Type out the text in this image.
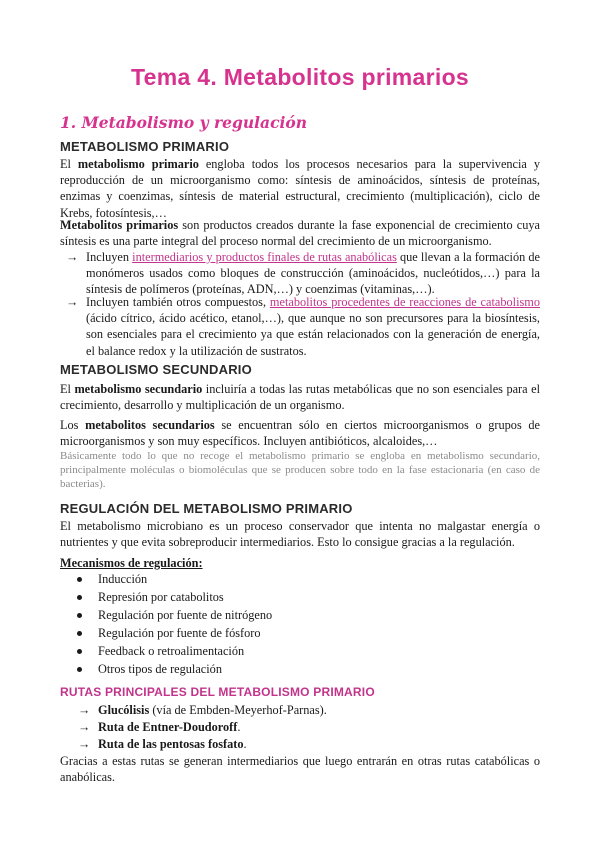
Tema 4. Metabolitos primarios
1. Metabolismo y regulación
METABOLISMO PRIMARIO

El metabolismo primario engloba todos los procesos necesarios para la supervivencia y reproducción de un microorganismo como: síntesis de aminoácidos, síntesis de proteínas, enzimas y coenzimas, síntesis de material estructural, crecimiento (multiplicación), ciclo de Krebs, fotosíntesis,…

Metabolitos primarios son productos creados durante la fase exponencial de crecimiento cuya síntesis es una parte integral del proceso normal del crecimiento de un microorganismo.

→ Incluyen intermediarios y productos finales de rutas anabólicas que llevan a la formación de monómeros usados como bloques de construcción (aminoácidos, nucleótidos,…) para la síntesis de polímeros (proteínas, ADN,…) y coenzimas (vitaminas,…).
→ Incluyen también otros compuestos, metabolitos procedentes de reacciones de catabolismo (ácido cítrico, ácido acético, etanol,…), que aunque no son precursores para la biosíntesis, son esenciales para el crecimiento ya que están relacionados con la generación de energía, el balance redox y la utilización de sustratos.
METABOLISMO SECUNDARIO

El metabolismo secundario incluiría a todas las rutas metabólicas que no son esenciales para el crecimiento, desarrollo y multiplicación de un organismo.

Los metabolitos secundarios se encuentran sólo en ciertos microorganismos o grupos de microorganismos y son muy específicos. Incluyen antibióticos, alcaloides,…

Básicamente todo lo que no recoge el metabolismo primario se engloba en metabolismo secundario, principalmente moléculas o biomoléculas que se producen sobre todo en la fase estacionaria (en caso de bacterias).

REGULACIÓN DEL METABOLISMO PRIMARIO

El metabolismo microbiano es un proceso conservador que intenta no malgastar energía o nutrientes y que evita sobreproducir intermediarios. Esto lo consigue gracias a la regulación.

Mecanismos de regulación:

Inducción
Represión por catabolitos
Regulación por fuente de nitrógeno
Regulación por fuente de fósforo
Feedback o retroalimentación
Otros tipos de regulación
RUTAS PRINCIPALES DEL METABOLISMO PRIMARIO
→ Glucólisis (vía de Embden-Meyerhof-Parnas).
→ Ruta de Entner-Doudoroff.
→ Ruta de las pentosas fosfato.

Gracias a estas rutas se generan intermediarios que luego entrarán en otras rutas catabólicas o anabólicas.
